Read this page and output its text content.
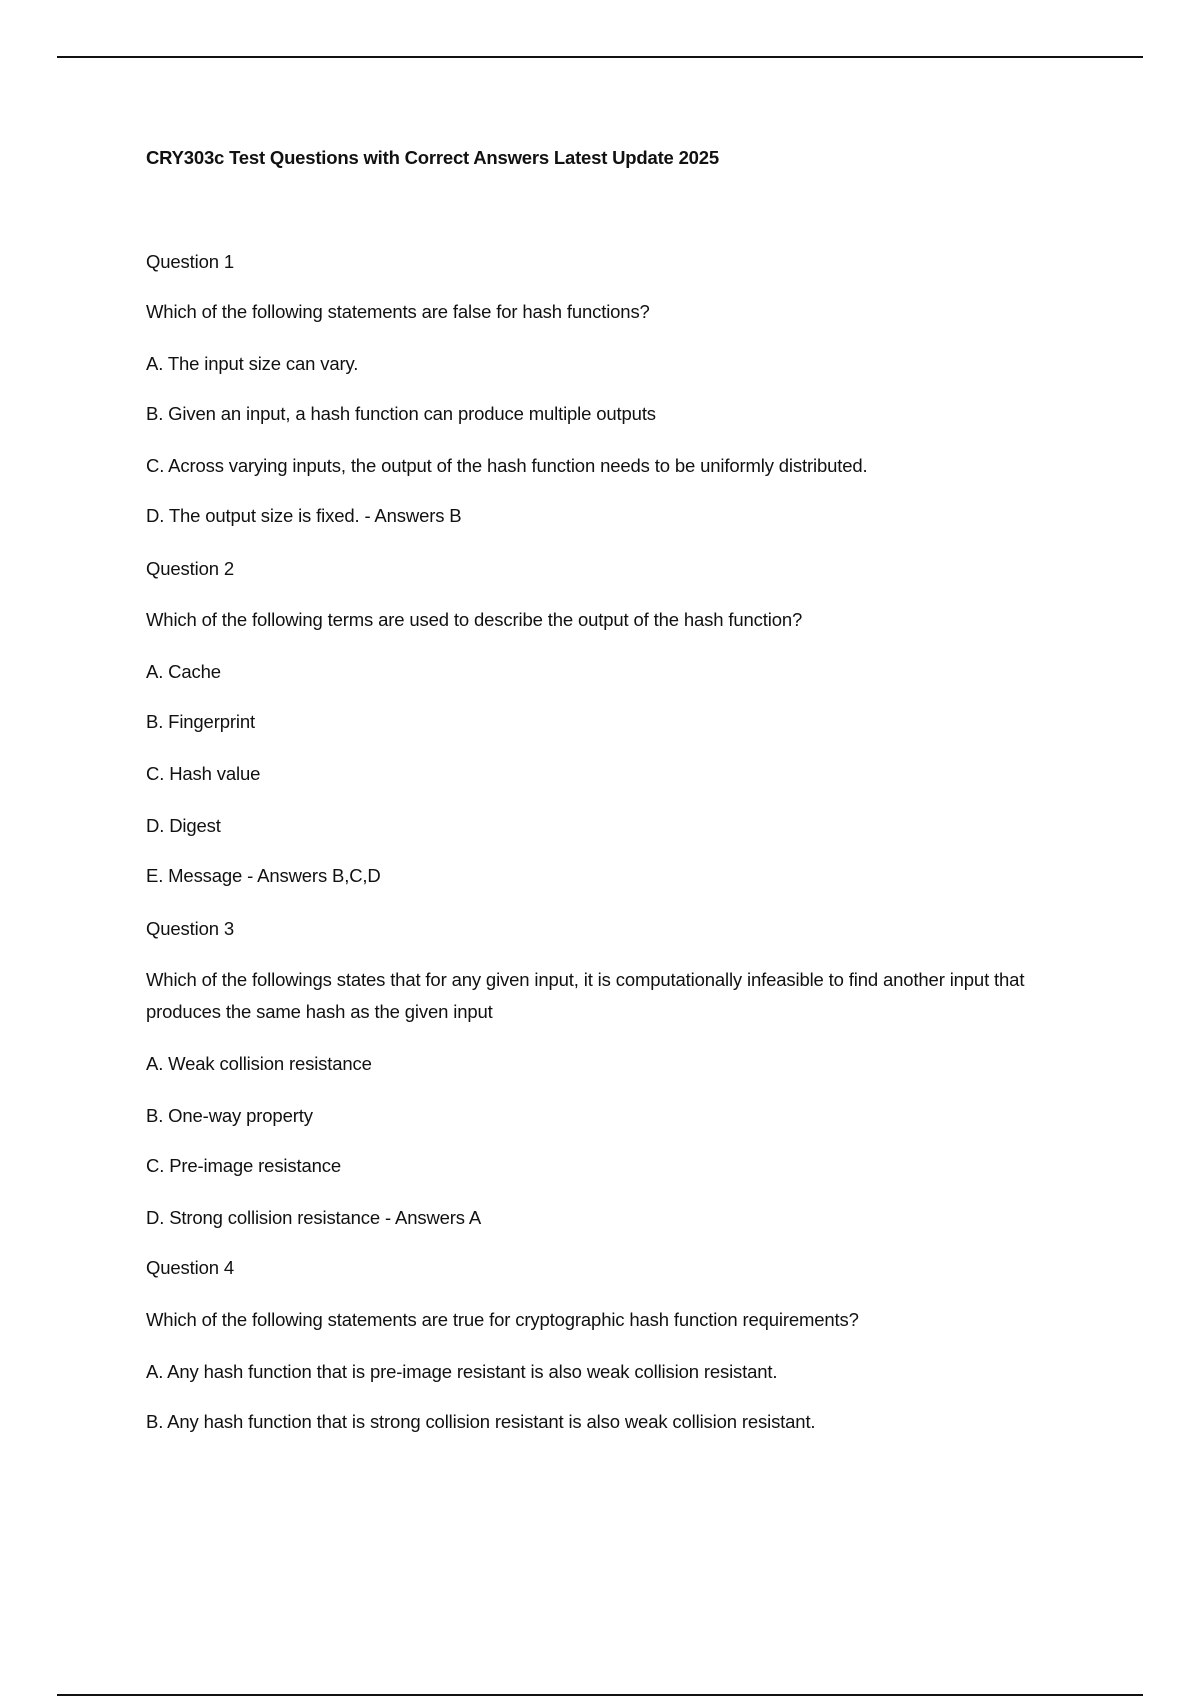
CRY303c Test Questions with Correct Answers Latest Update 2025

Question 1

Which of the following statements are false for hash functions?

A. The input size can vary.

B. Given an input, a hash function can produce multiple outputs

C. Across varying inputs, the output of the hash function needs to be uniformly distributed.

D. The output size is fixed. - Answers B

Question 2

Which of the following terms are used to describe the output of the hash function?

A. Cache

B. Fingerprint

C. Hash value

D. Digest

E. Message - Answers B,C,D

Question 3

Which of the followings states that for any given input, it is computationally infeasible to find another input that produces the same hash as the given input

A. Weak collision resistance

B. One-way property

C. Pre-image resistance

D. Strong collision resistance - Answers A

Question 4

Which of the following statements are true for cryptographic hash function requirements?

A. Any hash function that is pre-image resistant is also weak collision resistant.

B. Any hash function that is strong collision resistant is also weak collision resistant.
